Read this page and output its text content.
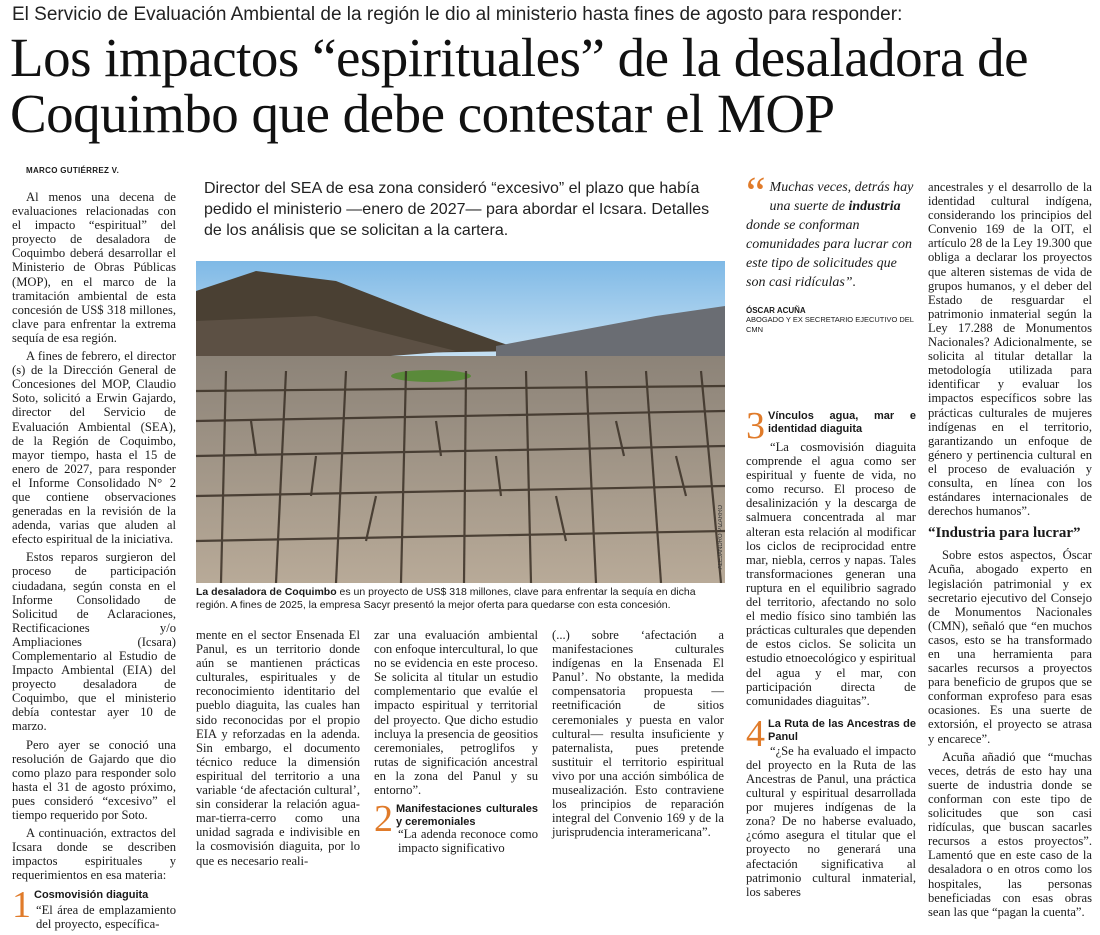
El Servicio de Evaluación Ambiental de la región le dio al ministerio hasta fines de agosto para responder:
Los impactos “espirituales” de la desaladora de Coquimbo que debe contestar el MOP
MARCO GUTIÉRREZ V.

Al menos una decena de evaluaciones relacionadas con el impacto “espiritual” del proyecto de desaladora de Coquimbo deberá desarrollar el Ministerio de Obras Públicas (MOP), en el marco de la tramitación ambiental de esta concesión de US$ 318 millones, clave para enfrentar la extrema sequía de esa región.

A fines de febrero, el director (s) de la Dirección General de Concesiones del MOP, Claudio Soto, solicitó a Erwin Gajardo, director del Servicio de Evaluación Ambiental (SEA), de la Región de Coquimbo, mayor tiempo, hasta el 15 de enero de 2027, para responder el Informe Consolidado N° 2 que contiene observaciones generadas en la revisión de la adenda, varias que aluden al efecto espiritual de la iniciativa.

Estos reparos surgieron del proceso de participación ciudadana, según consta en el Informe Consolidado de Solicitud de Aclaraciones, Rectificaciones y/o Ampliaciones (Icsara) Complementario al Estudio de Impacto Ambiental (EIA) del proyecto desaladora de Coquimbo, que el ministerio debía contestar ayer 10 de marzo.

Pero ayer se conoció una resolución de Gajardo que dio como plazo para responder solo hasta el 31 de agosto próximo, pues consideró “excesivo” el tiempo requerido por Soto.

A continuación, extractos del Icsara donde se describen impactos espirituales y requerimientos en esa materia:

1 Cosmovisión diaguita

“El área de emplazamiento del proyecto, específica-

Director del SEA de esa zona consideró “excesivo” el plazo que había pedido el ministerio —enero de 2027— para abordar el Icsara. Detalles de los análisis que se solicitan a la cartera.
ALEJANDRO PIZARRO
La desaladora de Coquimbo es un proyecto de US$ 318 millones, clave para enfrentar la sequía en dicha región. A fines de 2025, la empresa Sacyr presentó la mejor oferta para quedarse con esta concesión.

mente en el sector Ensenada El Panul, es un territorio donde aún se mantienen prácticas culturales, espirituales y de reconocimiento identitario del pueblo diaguita, las cuales han sido reconocidas por el propio EIA y reforzadas en la adenda. Sin embargo, el documento técnico reduce la dimensión espiritual del territorio a una variable ‘de afectación cultural’, sin considerar la relación agua-mar-tierra-cerro como una unidad sagrada e indivisible en la cosmovisión diaguita, por lo que es necesario reali-

zar una evaluación ambiental con enfoque intercultural, lo que no se evidencia en este proceso. Se solicita al titular un estudio complementario que evalúe el impacto espiritual y territorial del proyecto. Que dicho estudio incluya la presencia de geositios ceremoniales, petroglifos y rutas de significación ancestral en la zona del Panul y su entorno”.

2 Manifestaciones culturales y ceremoniales

“La adenda reconoce como impacto significativo

(...) sobre ‘afectación a manifestaciones culturales indígenas en la Ensenada El Panul’. No obstante, la medida compensatoria propuesta —reetnificación de sitios ceremoniales y puesta en valor cultural— resulta insuficiente y paternalista, pues pretende sustituir el territorio espiritual vivo por una acción simbólica de musealización. Esto contraviene los principios de reparación integral del Convenio 169 y de la jurisprudencia interamericana”.

“ Muchas veces, detrás hay una suerte de industria donde se conforman comunidades para lucrar con este tipo de solicitudes que son casi ridículas”.
ÓSCAR ACUÑA
ABOGADO Y EX SECRETARIO EJECUTIVO DEL CMN
3 Vínculos agua, mar e identidad diaguita

“La cosmovisión diaguita comprende el agua como ser espiritual y fuente de vida, no como recurso. El proceso de desalinización y la descarga de salmuera concentrada al mar alteran esta relación al modificar los ciclos de reciprocidad entre mar, niebla, cerros y napas. Tales transformaciones generan una ruptura en el equilibrio sagrado del territorio, afectando no solo el medio físico sino también las prácticas culturales que dependen de estos ciclos. Se solicita un estudio etnoecológico y espiritual del agua y el mar, con participación directa de comunidades diaguitas”.

4 La Ruta de las Ancestras de Panul

“¿Se ha evaluado el impacto del proyecto en la Ruta de las Ancestras de Panul, una práctica cultural y espiritual desarrollada por mujeres indígenas de la zona? De no haberse evaluado, ¿cómo asegura el titular que el proyecto no generará una afectación significativa al patrimonio cultural inmaterial, los saberes

ancestrales y el desarrollo de la identidad cultural indígena, considerando los principios del Convenio 169 de la OIT, el artículo 28 de la Ley 19.300 que obliga a declarar los proyectos que alteren sistemas de vida de grupos humanos, y el deber del Estado de resguardar el patrimonio inmaterial según la Ley 17.288 de Monumentos Nacionales? Adicionalmente, se solicita al titular detallar la metodología utilizada para identificar y evaluar los impactos específicos sobre las prácticas culturales de mujeres indígenas en el territorio, garantizando un enfoque de género y pertinencia cultural en el proceso de evaluación y consulta, en línea con los estándares internacionales de derechos humanos”.

“Industria para lucrar”

Sobre estos aspectos, Óscar Acuña, abogado experto en legislación patrimonial y ex secretario ejecutivo del Consejo de Monumentos Nacionales (CMN), señaló que “en muchos casos, esto se ha transformado en una herramienta para sacarles recursos a proyectos para beneficio de grupos que se conforman exprofeso para esas ocasiones. Es una suerte de extorsión, el proyecto se atrasa y encarece”.

Acuña añadió que “muchas veces, detrás de esto hay una suerte de industria donde se conforman con este tipo de solicitudes que son casi ridículas, que buscan sacarles recursos a estos proyectos”. Lamentó que en este caso de la desaladora o en otros como los hospitales, las personas beneficiadas con esas obras sean las que “pagan la cuenta”.
